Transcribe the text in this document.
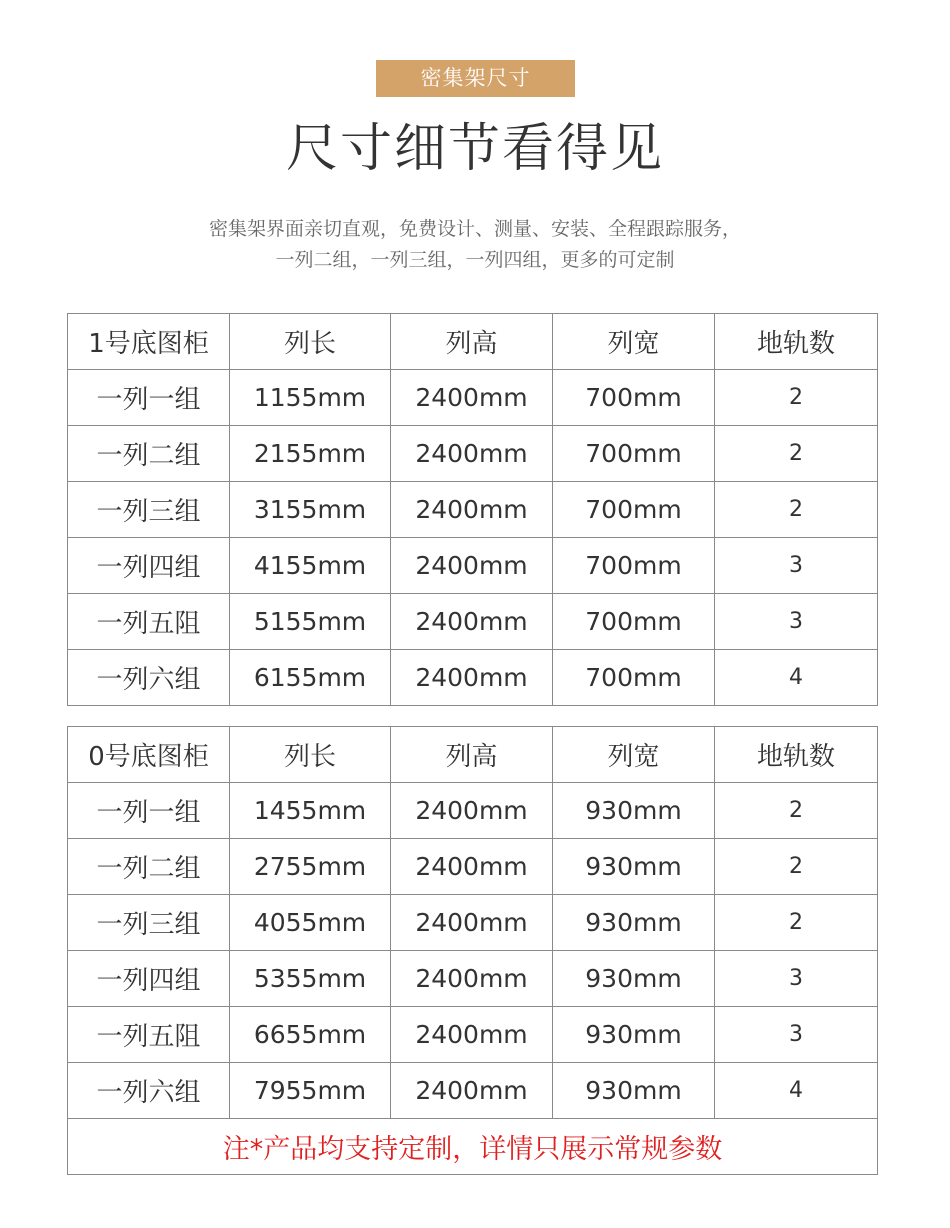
密集架尺寸
尺寸细节看得见
密集架界面亲切直观，免费设计、测量、安装、全程跟踪服务，
一列二组，一列三组，一列四组，更多的可定制
1号底图柜	列长	列高	列宽	地轨数
一列一组	1155mm	2400mm	700mm	2
一列二组	2155mm	2400mm	700mm	2
一列三组	3155mm	2400mm	700mm	2
一列四组	4155mm	2400mm	700mm	3
一列五阻	5155mm	2400mm	700mm	3
一列六组	6155mm	2400mm	700mm	4
0号底图柜	列长	列高	列宽	地轨数
一列一组	1455mm	2400mm	930mm	2
一列二组	2755mm	2400mm	930mm	2
一列三组	4055mm	2400mm	930mm	2
一列四组	5355mm	2400mm	930mm	3
一列五阻	6655mm	2400mm	930mm	3
一列六组	7955mm	2400mm	930mm	4
注*产品均支持定制，详情只展示常规参数				
